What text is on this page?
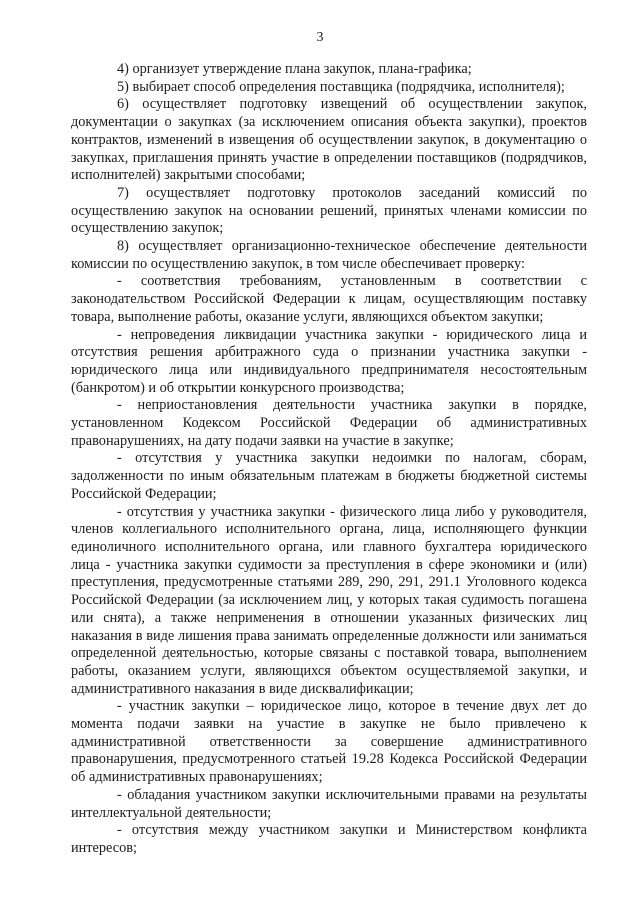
3

4) организует утверждение плана закупок, плана-графика;

5) выбирает способ определения поставщика (подрядчика, исполнителя);

6) осуществляет подготовку извещений об осуществлении закупок, документации о закупках (за исключением описания объекта закупки), проектов контрактов, изменений в извещения об осуществлении закупок, в документацию о закупках, приглашения принять участие в определении поставщиков (подрядчиков, исполнителей) закрытыми способами;

7) осуществляет подготовку протоколов заседаний комиссий по осуществлению закупок на основании решений, принятых членами комиссии по осуществлению закупок;

8) осуществляет организационно-техническое обеспечение деятельности комиссии по осуществлению закупок, в том числе обеспечивает проверку:

- соответствия требованиям, установленным в соответствии с законодательством Российской Федерации к лицам, осуществляющим поставку товара, выполнение работы, оказание услуги, являющихся объектом закупки;

- непроведения ликвидации участника закупки - юридического лица и отсутствия решения арбитражного суда о признании участника закупки - юридического лица или индивидуального предпринимателя несостоятельным (банкротом) и об открытии конкурсного производства;

- неприостановления деятельности участника закупки в порядке, установленном Кодексом Российской Федерации об административных правонарушениях, на дату подачи заявки на участие в закупке;

- отсутствия у участника закупки недоимки по налогам, сборам, задолженности по иным обязательным платежам в бюджеты бюджетной системы Российской Федерации;

- отсутствия у участника закупки - физического лица либо у руководителя, членов коллегиального исполнительного органа, лица, исполняющего функции единоличного исполнительного органа, или главного бухгалтера юридического лица - участника закупки судимости за преступления в сфере экономики и (или) преступления, предусмотренные статьями 289, 290, 291, 291.1 Уголовного кодекса Российской Федерации (за исключением лиц, у которых такая судимость погашена или снята), а также неприменения в отношении указанных физических лиц наказания в виде лишения права занимать определенные должности или заниматься определенной деятельностью, которые связаны с поставкой товара, выполнением работы, оказанием услуги, являющихся объектом осуществляемой закупки, и административного наказания в виде дисквалификации;

- участник закупки – юридическое лицо, которое в течение двух лет до момента подачи заявки на участие в закупке не было привлечено к административной ответственности за совершение административного правонарушения, предусмотренного статьей 19.28 Кодекса Российской Федерации об административных правонарушениях;

- обладания участником закупки исключительными правами на результаты интеллектуальной деятельности;

- отсутствия между участником закупки и Министерством конфликта интересов;
